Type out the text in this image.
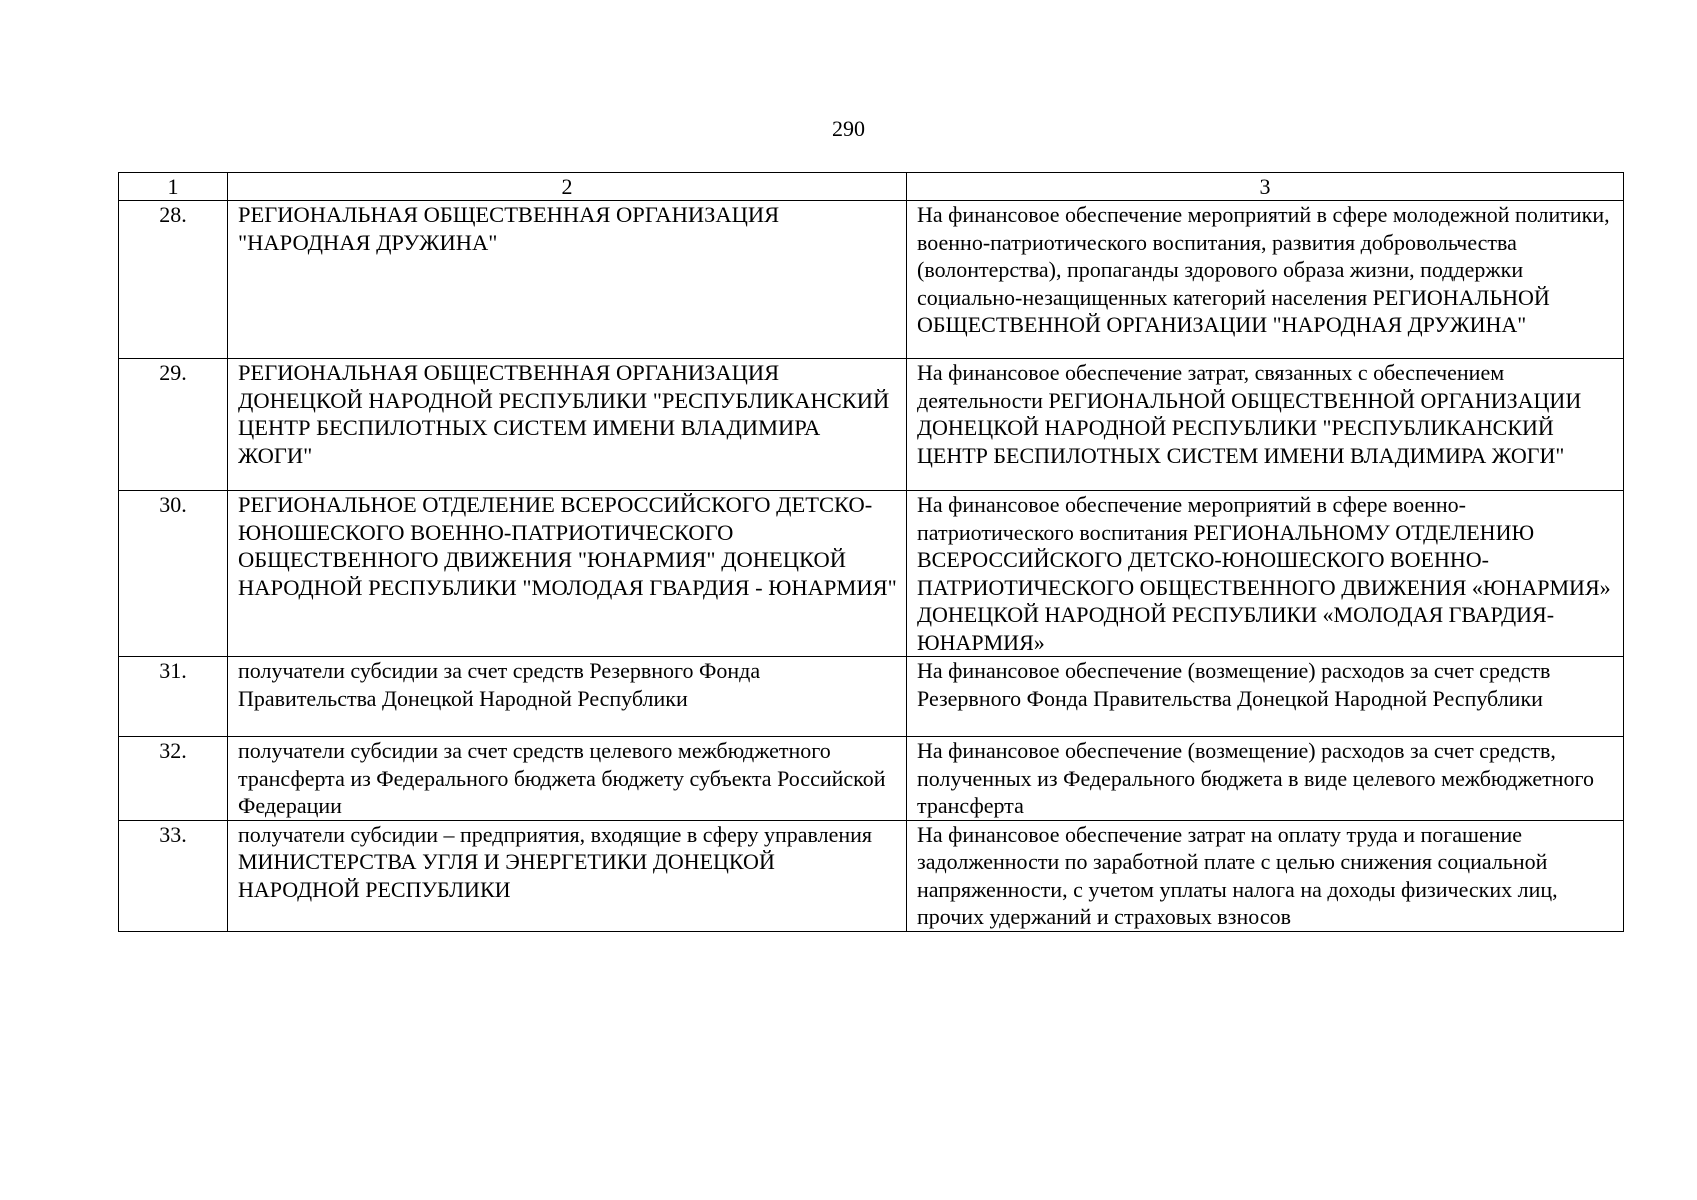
290
1	2	3
28.	РЕГИОНАЛЬНАЯ ОБЩЕСТВЕННАЯ ОРГАНИЗАЦИЯ "НАРОДНАЯ ДРУЖИНА"	На финансовое обеспечение мероприятий в сфере молодежной политики, военно-патриотического воспитания, развития добровольчества (волонтерства), пропаганды здорового образа жизни, поддержки социально-незащищенных категорий населения РЕГИОНАЛЬНОЙ ОБЩЕСТВЕННОЙ ОРГАНИЗАЦИИ "НАРОДНАЯ ДРУЖИНА"
29.	РЕГИОНАЛЬНАЯ ОБЩЕСТВЕННАЯ ОРГАНИЗАЦИЯ ДОНЕЦКОЙ НАРОДНОЙ РЕСПУБЛИКИ "РЕСПУБЛИКАНСКИЙ ЦЕНТР БЕСПИЛОТНЫХ СИСТЕМ ИМЕНИ ВЛАДИМИРА ЖОГИ"	На финансовое обеспечение затрат, связанных с обеспечением деятельности РЕГИОНАЛЬНОЙ ОБЩЕСТВЕННОЙ ОРГАНИЗАЦИИ ДОНЕЦКОЙ НАРОДНОЙ РЕСПУБЛИКИ "РЕСПУБЛИКАНСКИЙ ЦЕНТР БЕСПИЛОТНЫХ СИСТЕМ ИМЕНИ ВЛАДИМИРА ЖОГИ"
30.	РЕГИОНАЛЬНОЕ ОТДЕЛЕНИЕ ВСЕРОССИЙСКОГО ДЕТСКО-ЮНОШЕСКОГО ВОЕННО-ПАТРИОТИЧЕСКОГО ОБЩЕСТВЕННОГО ДВИЖЕНИЯ "ЮНАРМИЯ" ДОНЕЦКОЙ НАРОДНОЙ РЕСПУБЛИКИ "МОЛОДАЯ ГВАРДИЯ - ЮНАРМИЯ"	На финансовое обеспечение мероприятий в сфере военно-патриотического воспитания РЕГИОНАЛЬНОМУ ОТДЕЛЕНИЮ ВСЕРОССИЙСКОГО ДЕТСКО-ЮНОШЕСКОГО ВОЕННО-ПАТРИОТИЧЕСКОГО ОБЩЕСТВЕННОГО ДВИЖЕНИЯ «ЮНАРМИЯ» ДОНЕЦКОЙ НАРОДНОЙ РЕСПУБЛИКИ «МОЛОДАЯ ГВАРДИЯ-ЮНАРМИЯ»
31.	получатели субсидии за счет средств Резервного Фонда Правительства Донецкой Народной Республики	На финансовое обеспечение (возмещение) расходов за счет средств Резервного Фонда Правительства Донецкой Народной Республики
32.	получатели субсидии за счет средств целевого межбюджетного трансферта из Федерального бюджета бюджету субъекта Российской Федерации	На финансовое обеспечение (возмещение) расходов за счет средств, полученных из Федерального бюджета в виде целевого межбюджетного трансферта
33.	получатели субсидии – предприятия, входящие в сферу управления МИНИСТЕРСТВА УГЛЯ И ЭНЕРГЕТИКИ ДОНЕЦКОЙ НАРОДНОЙ РЕСПУБЛИКИ	На финансовое обеспечение затрат на оплату труда и погашение задолженности по заработной плате с целью снижения социальной напряженности, с учетом уплаты налога на доходы физических лиц, прочих удержаний и страховых взносов
